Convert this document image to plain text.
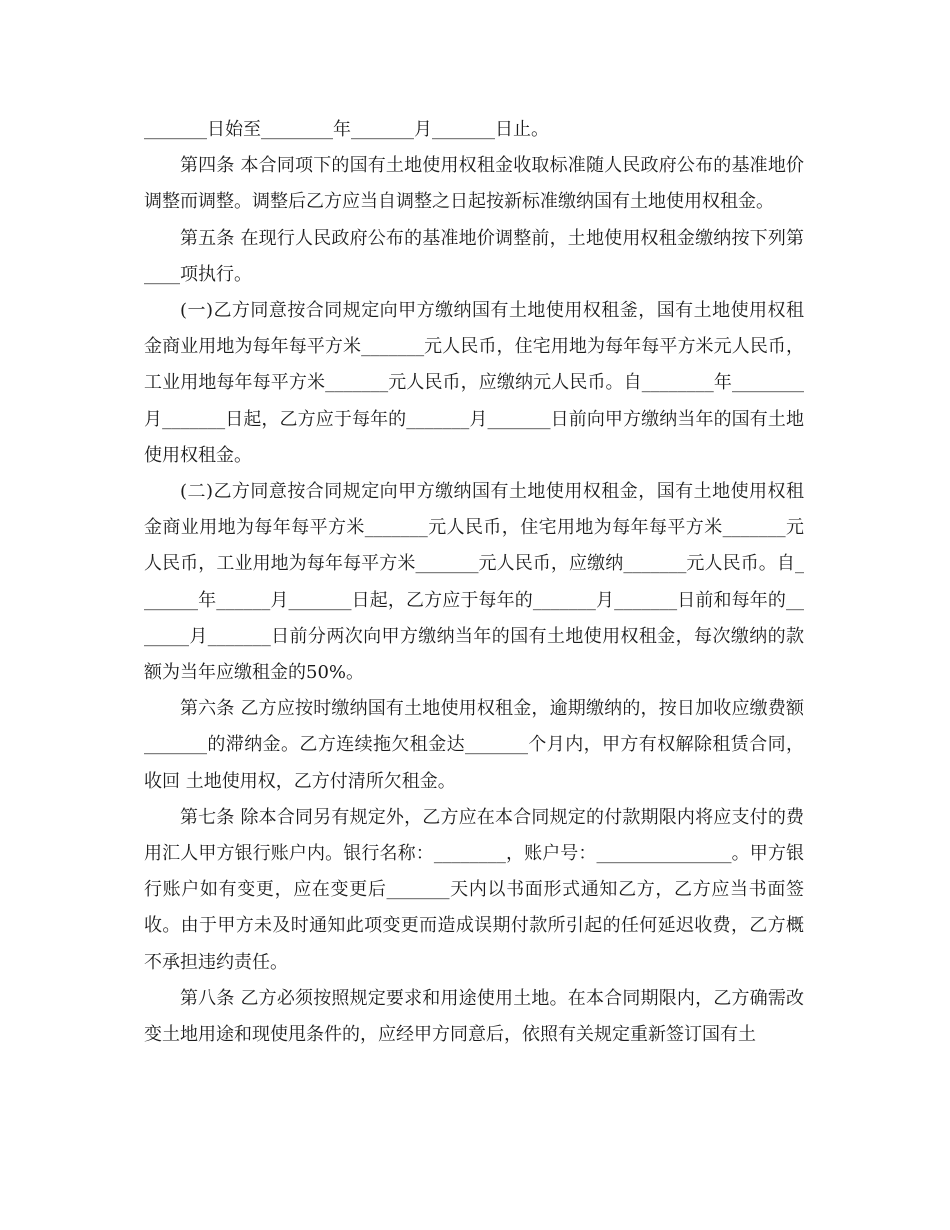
_______日始至________年_______月_______日止。

第四条 本合同项下的国有土地使用权租金收取标准随人民政府公布的基准地价调整而调整。调整后乙方应当自调整之日起按新标准缴纳国有土地使用权租金。

第五条 在现行人民政府公布的基准地价调整前，土地使用权租金缴纳按下列第____项执行。

(一)乙方同意按合同规定向甲方缴纳国有土地使用权租釜，国有土地使用权租金商业用地为每年每平方米_______元人民币，住宅用地为每年每平方米元人民币，工业用地每年每平方米_______元人民币，应缴纳元人民币。自________年________月_______日起，乙方应于每年的_______月_______日前向甲方缴纳当年的国有土地使用权租金。

(二)乙方同意按合同规定向甲方缴纳国有土地使用权租金，国有土地使用权租金商业用地为每年每平方米_______元人民币，住宅用地为每年每平方米_______元人民币，工业用地为每年每平方米_______元人民币，应缴纳_______元人民币。自_______年______月_______日起，乙方应于每年的_______月_______日前和每年的_______月_______日前分两次向甲方缴纳当年的国有土地使用权租金，每次缴纳的款额为当年应缴租金的50%。

第六条 乙方应按时缴纳国有土地使用权租金，逾期缴纳的，按日加收应缴费额_______的滞纳金。乙方连续拖欠租金达_______个月内，甲方有权解除租赁合同，收回 土地使用权，乙方付清所欠租金。

第七条 除本合同另有规定外，乙方应在本合同规定的付款期限内将应支付的费用汇人甲方银行账户内。银行名称：________，账户号：_______________。甲方银行账户如有变更，应在变更后_______天内以书面形式通知乙方，乙方应当书面签收。由于甲方未及时通知此项变更而造成误期付款所引起的任何延迟收费，乙方概不承担违约责任。

第八条 乙方必须按照规定要求和用途使用土地。在本合同期限内，乙方确需改变土地用途和现使甩条件的，应经甲方同意后，依照有关规定重新签订国有土
